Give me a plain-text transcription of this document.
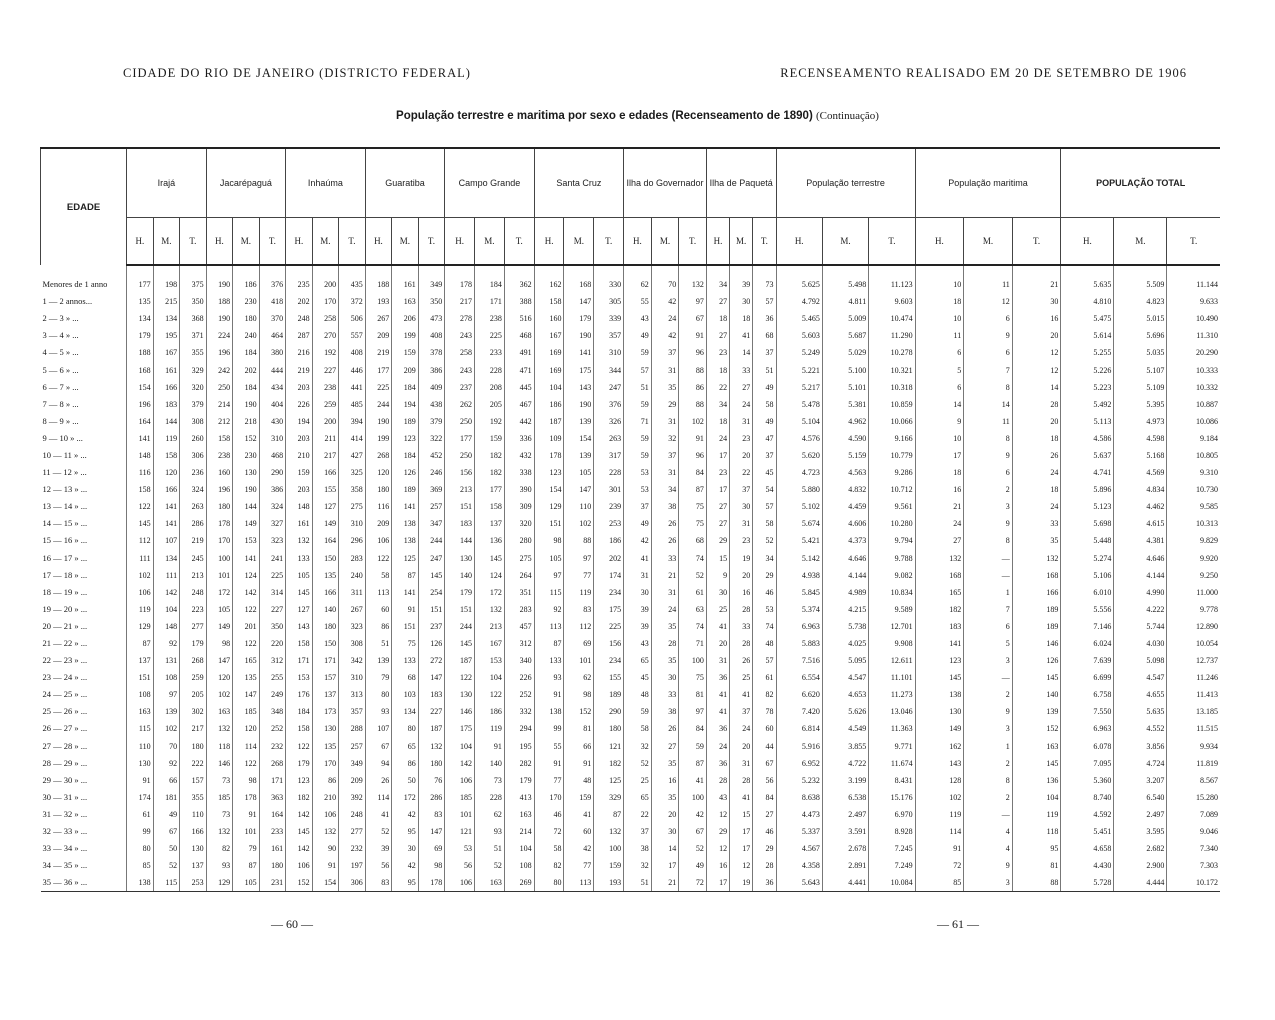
CIDADE DO RIO DE JANEIRO (DISTRICTO FEDERAL)	RECENSEAMENTO REALISADO EM 20 DE SETEMBRO DE 1906
População terrestre e maritima por sexo e edades (Recenseamento de 1890) (Continuação)
EDADE	Irajá			Jacarépaguá			Inhaúma			Guaratiba			Campo Grande			Santa Cruz			Ilha do Governador			Ilha de Paquetá			População terrestre			População maritima			POPULAÇÃO TOTAL		
	H.	M.	T.	H.	M.	T.	H.	M.	T.	H.	M.	T.	H.	M.	T.	H.	M.	T.	H.	M.	T.	H.	M.	T.	H.	M.	T.	H.	M.	T.	H.	M.	T.
Menores de 1 anno	177	198	375	190	186	376	235	200	435	188	161	349	178	184	362	162	168	330	62	70	132	34	39	73	5.625	5.498	11.123	10	11	21	5.635	5.509	11.144
1 — 2 annos...	135	215	350	188	230	418	202	170	372	193	163	350	217	171	388	158	147	305	55	42	97	27	30	57	4.792	4.811	9.603	18	12	30	4.810	4.823	9.633
2 — 3 » ...	134	134	368	190	180	370	248	258	506	267	206	473	278	238	516	160	179	339	43	24	67	18	18	36	5.465	5.009	10.474	10	6	16	5.475	5.015	10.490
3 — 4 » ...	179	195	371	224	240	464	287	270	557	209	199	408	243	225	468	167	190	357	49	42	91	27	41	68	5.603	5.687	11.290	11	9	20	5.614	5.696	11.310
4 — 5 » ...	188	167	355	196	184	380	216	192	408	219	159	378	258	233	491	169	141	310	59	37	96	23	14	37	5.249	5.029	10.278	6	6	12	5.255	5.035	20.290
5 — 6 » ...	168	161	329	242	202	444	219	227	446	177	209	386	243	228	471	169	175	344	57	31	88	18	33	51	5.221	5.100	10.321	5	7	12	5.226	5.107	10.333
6 — 7 » ...	154	166	320	250	184	434	203	238	441	225	184	409	237	208	445	104	143	247	51	35	86	22	27	49	5.217	5.101	10.318	6	8	14	5.223	5.109	10.332
7 — 8 » ...	196	183	379	214	190	404	226	259	485	244	194	438	262	205	467	186	190	376	59	29	88	34	24	58	5.478	5.381	10.859	14	14	28	5.492	5.395	10.887
8 — 9 » ...	164	144	308	212	218	430	194	200	394	190	189	379	250	192	442	187	139	326	71	31	102	18	31	49	5.104	4.962	10.066	9	11	20	5.113	4.973	10.086
9 — 10 » ...	141	119	260	158	152	310	203	211	414	199	123	322	177	159	336	109	154	263	59	32	91	24	23	47	4.576	4.590	9.166	10	8	18	4.586	4.598	9.184
10 — 11 » ...	148	158	306	238	230	468	210	217	427	268	184	452	250	182	432	178	139	317	59	37	96	17	20	37	5.620	5.159	10.779	17	9	26	5.637	5.168	10.805
11 — 12 » ...	116	120	236	160	130	290	159	166	325	120	126	246	156	182	338	123	105	228	53	31	84	23	22	45	4.723	4.563	9.286	18	6	24	4.741	4.569	9.310
12 — 13 » ...	158	166	324	196	190	386	203	155	358	180	189	369	213	177	390	154	147	301	53	34	87	17	37	54	5.880	4.832	10.712	16	2	18	5.896	4.834	10.730
13 — 14 » ...	122	141	263	180	144	324	148	127	275	116	141	257	151	158	309	129	110	239	37	38	75	27	30	57	5.102	4.459	9.561	21	3	24	5.123	4.462	9.585
14 — 15 » ...	145	141	286	178	149	327	161	149	310	209	138	347	183	137	320	151	102	253	49	26	75	27	31	58	5.674	4.606	10.280	24	9	33	5.698	4.615	10.313
15 — 16 » ...	112	107	219	170	153	323	132	164	296	106	138	244	144	136	280	98	88	186	42	26	68	29	23	52	5.421	4.373	9.794	27	8	35	5.448	4.381	9.829
16 — 17 » ...	111	134	245	100	141	241	133	150	283	122	125	247	130	145	275	105	97	202	41	33	74	15	19	34	5.142	4.646	9.788	132	—	132	5.274	4.646	9.920
17 — 18 » ...	102	111	213	101	124	225	105	135	240	58	87	145	140	124	264	97	77	174	31	21	52	9	20	29	4.938	4.144	9.082	168	—	168	5.106	4.144	9.250
18 — 19 » ...	106	142	248	172	142	314	145	166	311	113	141	254	179	172	351	115	119	234	30	31	61	30	16	46	5.845	4.989	10.834	165	1	166	6.010	4.990	11.000
19 — 20 » ...	119	104	223	105	122	227	127	140	267	60	91	151	151	132	283	92	83	175	39	24	63	25	28	53	5.374	4.215	9.589	182	7	189	5.556	4.222	9.778
20 — 21 » ...	129	148	277	149	201	350	143	180	323	86	151	237	244	213	457	113	112	225	39	35	74	41	33	74	6.963	5.738	12.701	183	6	189	7.146	5.744	12.890
21 — 22 » ...	87	92	179	98	122	220	158	150	308	51	75	126	145	167	312	87	69	156	43	28	71	20	28	48	5.883	4.025	9.908	141	5	146	6.024	4.030	10.054
22 — 23 » ...	137	131	268	147	165	312	171	171	342	139	133	272	187	153	340	133	101	234	65	35	100	31	26	57	7.516	5.095	12.611	123	3	126	7.639	5.098	12.737
23 — 24 » ...	151	108	259	120	135	255	153	157	310	79	68	147	122	104	226	93	62	155	45	30	75	36	25	61	6.554	4.547	11.101	145	—	145	6.699	4.547	11.246
24 — 25 » ...	108	97	205	102	147	249	176	137	313	80	103	183	130	122	252	91	98	189	48	33	81	41	41	82	6.620	4.653	11.273	138	2	140	6.758	4.655	11.413
25 — 26 » ...	163	139	302	163	185	348	184	173	357	93	134	227	146	186	332	138	152	290	59	38	97	41	37	78	7.420	5.626	13.046	130	9	139	7.550	5.635	13.185
26 — 27 » ...	115	102	217	132	120	252	158	130	288	107	80	187	175	119	294	99	81	180	58	26	84	36	24	60	6.814	4.549	11.363	149	3	152	6.963	4.552	11.515
27 — 28 » ...	110	70	180	118	114	232	122	135	257	67	65	132	104	91	195	55	66	121	32	27	59	24	20	44	5.916	3.855	9.771	162	1	163	6.078	3.856	9.934
28 — 29 » ...	130	92	222	146	122	268	179	170	349	94	86	180	142	140	282	91	91	182	52	35	87	36	31	67	6.952	4.722	11.674	143	2	145	7.095	4.724	11.819
29 — 30 » ...	91	66	157	73	98	171	123	86	209	26	50	76	106	73	179	77	48	125	25	16	41	28	28	56	5.232	3.199	8.431	128	8	136	5.360	3.207	8.567
30 — 31 » ...	174	181	355	185	178	363	182	210	392	114	172	286	185	228	413	170	159	329	65	35	100	43	41	84	8.638	6.538	15.176	102	2	104	8.740	6.540	15.280
31 — 32 » ...	61	49	110	73	91	164	142	106	248	41	42	83	101	62	163	46	41	87	22	20	42	12	15	27	4.473	2.497	6.970	119	—	119	4.592	2.497	7.089
32 — 33 » ...	99	67	166	132	101	233	145	132	277	52	95	147	121	93	214	72	60	132	37	30	67	29	17	46	5.337	3.591	8.928	114	4	118	5.451	3.595	9.046
33 — 34 » ...	80	50	130	82	79	161	142	90	232	39	30	69	53	51	104	58	42	100	38	14	52	12	17	29	4.567	2.678	7.245	91	4	95	4.658	2.682	7.340
34 — 35 » ...	85	52	137	93	87	180	106	91	197	56	42	98	56	52	108	82	77	159	32	17	49	16	12	28	4.358	2.891	7.249	72	9	81	4.430	2.900	7.303
35 — 36 » ...	138	115	253	129	105	231	152	154	306	83	95	178	106	163	269	80	113	193	51	21	72	17	19	36	5.643	4.441	10.084	85	3	88	5.728	4.444	10.172
— 60 —	— 61 —
